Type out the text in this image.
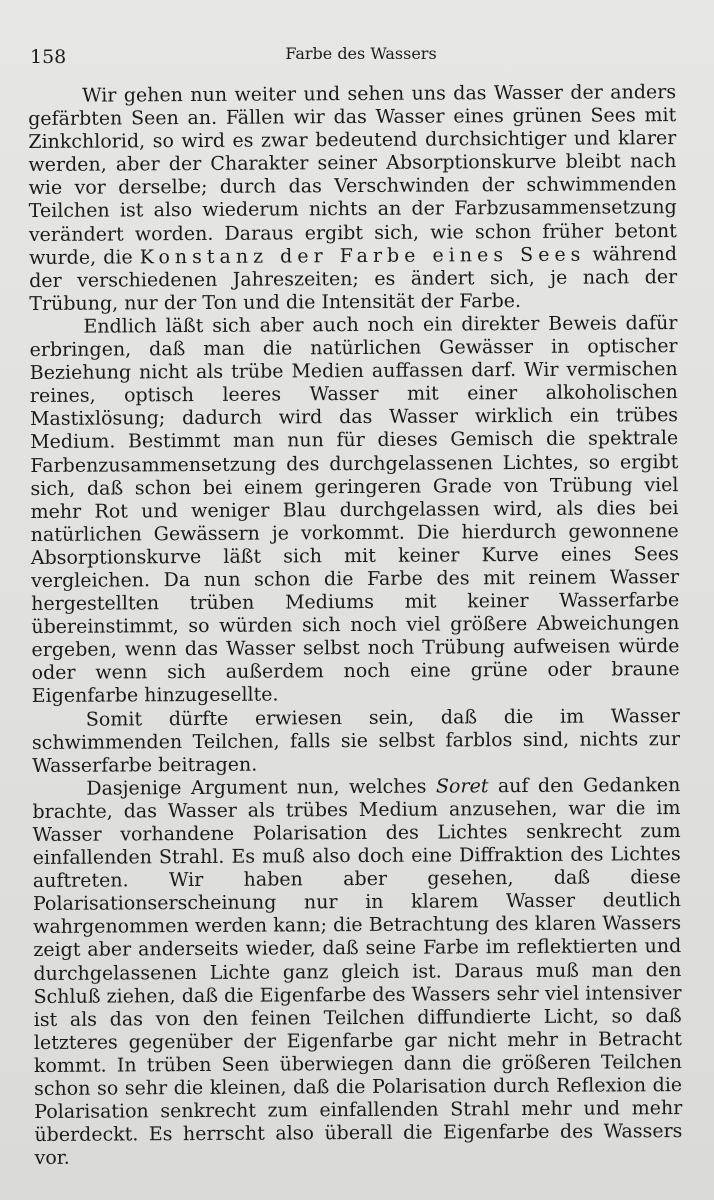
158	Farbe des Wassers

Wir gehen nun weiter und sehen uns das Wasser der anders gefärbten Seen an. Fällen wir das Wasser eines grünen Sees mit Zinkchlorid, so wird es zwar bedeutend durchsichtiger und klarer werden, aber der Charakter seiner Absorptionskurve bleibt nach wie vor derselbe; durch das Verschwinden der schwimmenden Teilchen ist also wiederum nichts an der Farbzusammensetzung verändert worden. Daraus ergibt sich, wie schon früher betont wurde, die Konstanz der Farbe eines Sees während der verschiedenen Jahreszeiten; es ändert sich, je nach der Trübung, nur der Ton und die Intensität der Farbe.

Endlich läßt sich aber auch noch ein direkter Beweis dafür erbringen, daß man die natürlichen Gewässer in optischer Beziehung nicht als trübe Medien auffassen darf. Wir vermischen reines, optisch leeres Wasser mit einer alkoholischen Mastixlösung; dadurch wird das Wasser wirklich ein trübes Medium. Bestimmt man nun für dieses Gemisch die spektrale Farbenzusammensetzung des durchgelassenen Lichtes, so ergibt sich, daß schon bei einem geringeren Grade von Trübung viel mehr Rot und weniger Blau durchgelassen wird, als dies bei natürlichen Gewässern je vorkommt. Die hierdurch gewonnene Absorptionskurve läßt sich mit keiner Kurve eines Sees vergleichen. Da nun schon die Farbe des mit reinem Wasser hergestellten trüben Mediums mit keiner Wasserfarbe übereinstimmt, so würden sich noch viel größere Abweichungen ergeben, wenn das Wasser selbst noch Trübung aufweisen würde oder wenn sich außerdem noch eine grüne oder braune Eigenfarbe hinzugesellte.

Somit dürfte erwiesen sein, daß die im Wasser schwimmenden Teilchen, falls sie selbst farblos sind, nichts zur Wasserfarbe beitragen.

Dasjenige Argument nun, welches Soret auf den Gedanken brachte, das Wasser als trübes Medium anzusehen, war die im Wasser vorhandene Polarisation des Lichtes senkrecht zum einfallenden Strahl. Es muß also doch eine Diffraktion des Lichtes auftreten. Wir haben aber gesehen, daß diese Polarisationserscheinung nur in klarem Wasser deutlich wahrgenommen werden kann; die Betrachtung des klaren Wassers zeigt aber anderseits wieder, daß seine Farbe im reflektierten und durchgelassenen Lichte ganz gleich ist. Daraus muß man den Schluß ziehen, daß die Eigenfarbe des Wassers sehr viel intensiver ist als das von den feinen Teilchen diffundierte Licht, so daß letzteres gegenüber der Eigenfarbe gar nicht mehr in Betracht kommt. In trüben Seen überwiegen dann die größeren Teilchen schon so sehr die kleinen, daß die Polarisation durch Reflexion die Polarisation senkrecht zum einfallenden Strahl mehr und mehr überdeckt. Es herrscht also überall die Eigenfarbe des Wassers vor.
